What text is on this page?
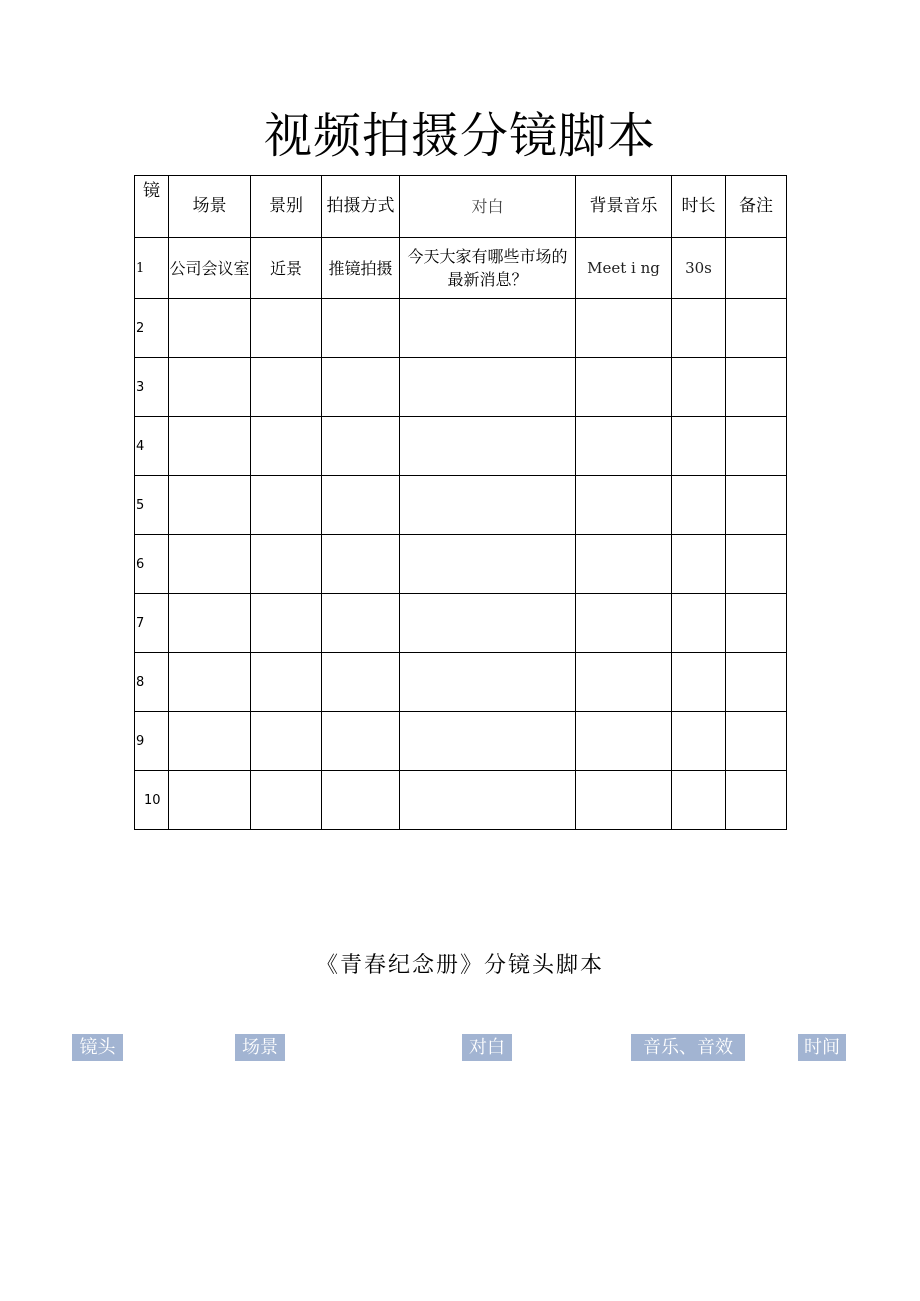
视频拍摄分镜脚本
镜	场景	景别	拍摄方式	对白	背景音乐	时长	备注
1	公司会议室	近景	推镜拍摄	今天大家有哪些市场的最新消息？	Meet i ng	30s	
2							
3							
4							
5							
6							
7							
8							
9							
10							
《青春纪念册》分镜头脚本
镜头	场景	对白	音乐、音效	时间
